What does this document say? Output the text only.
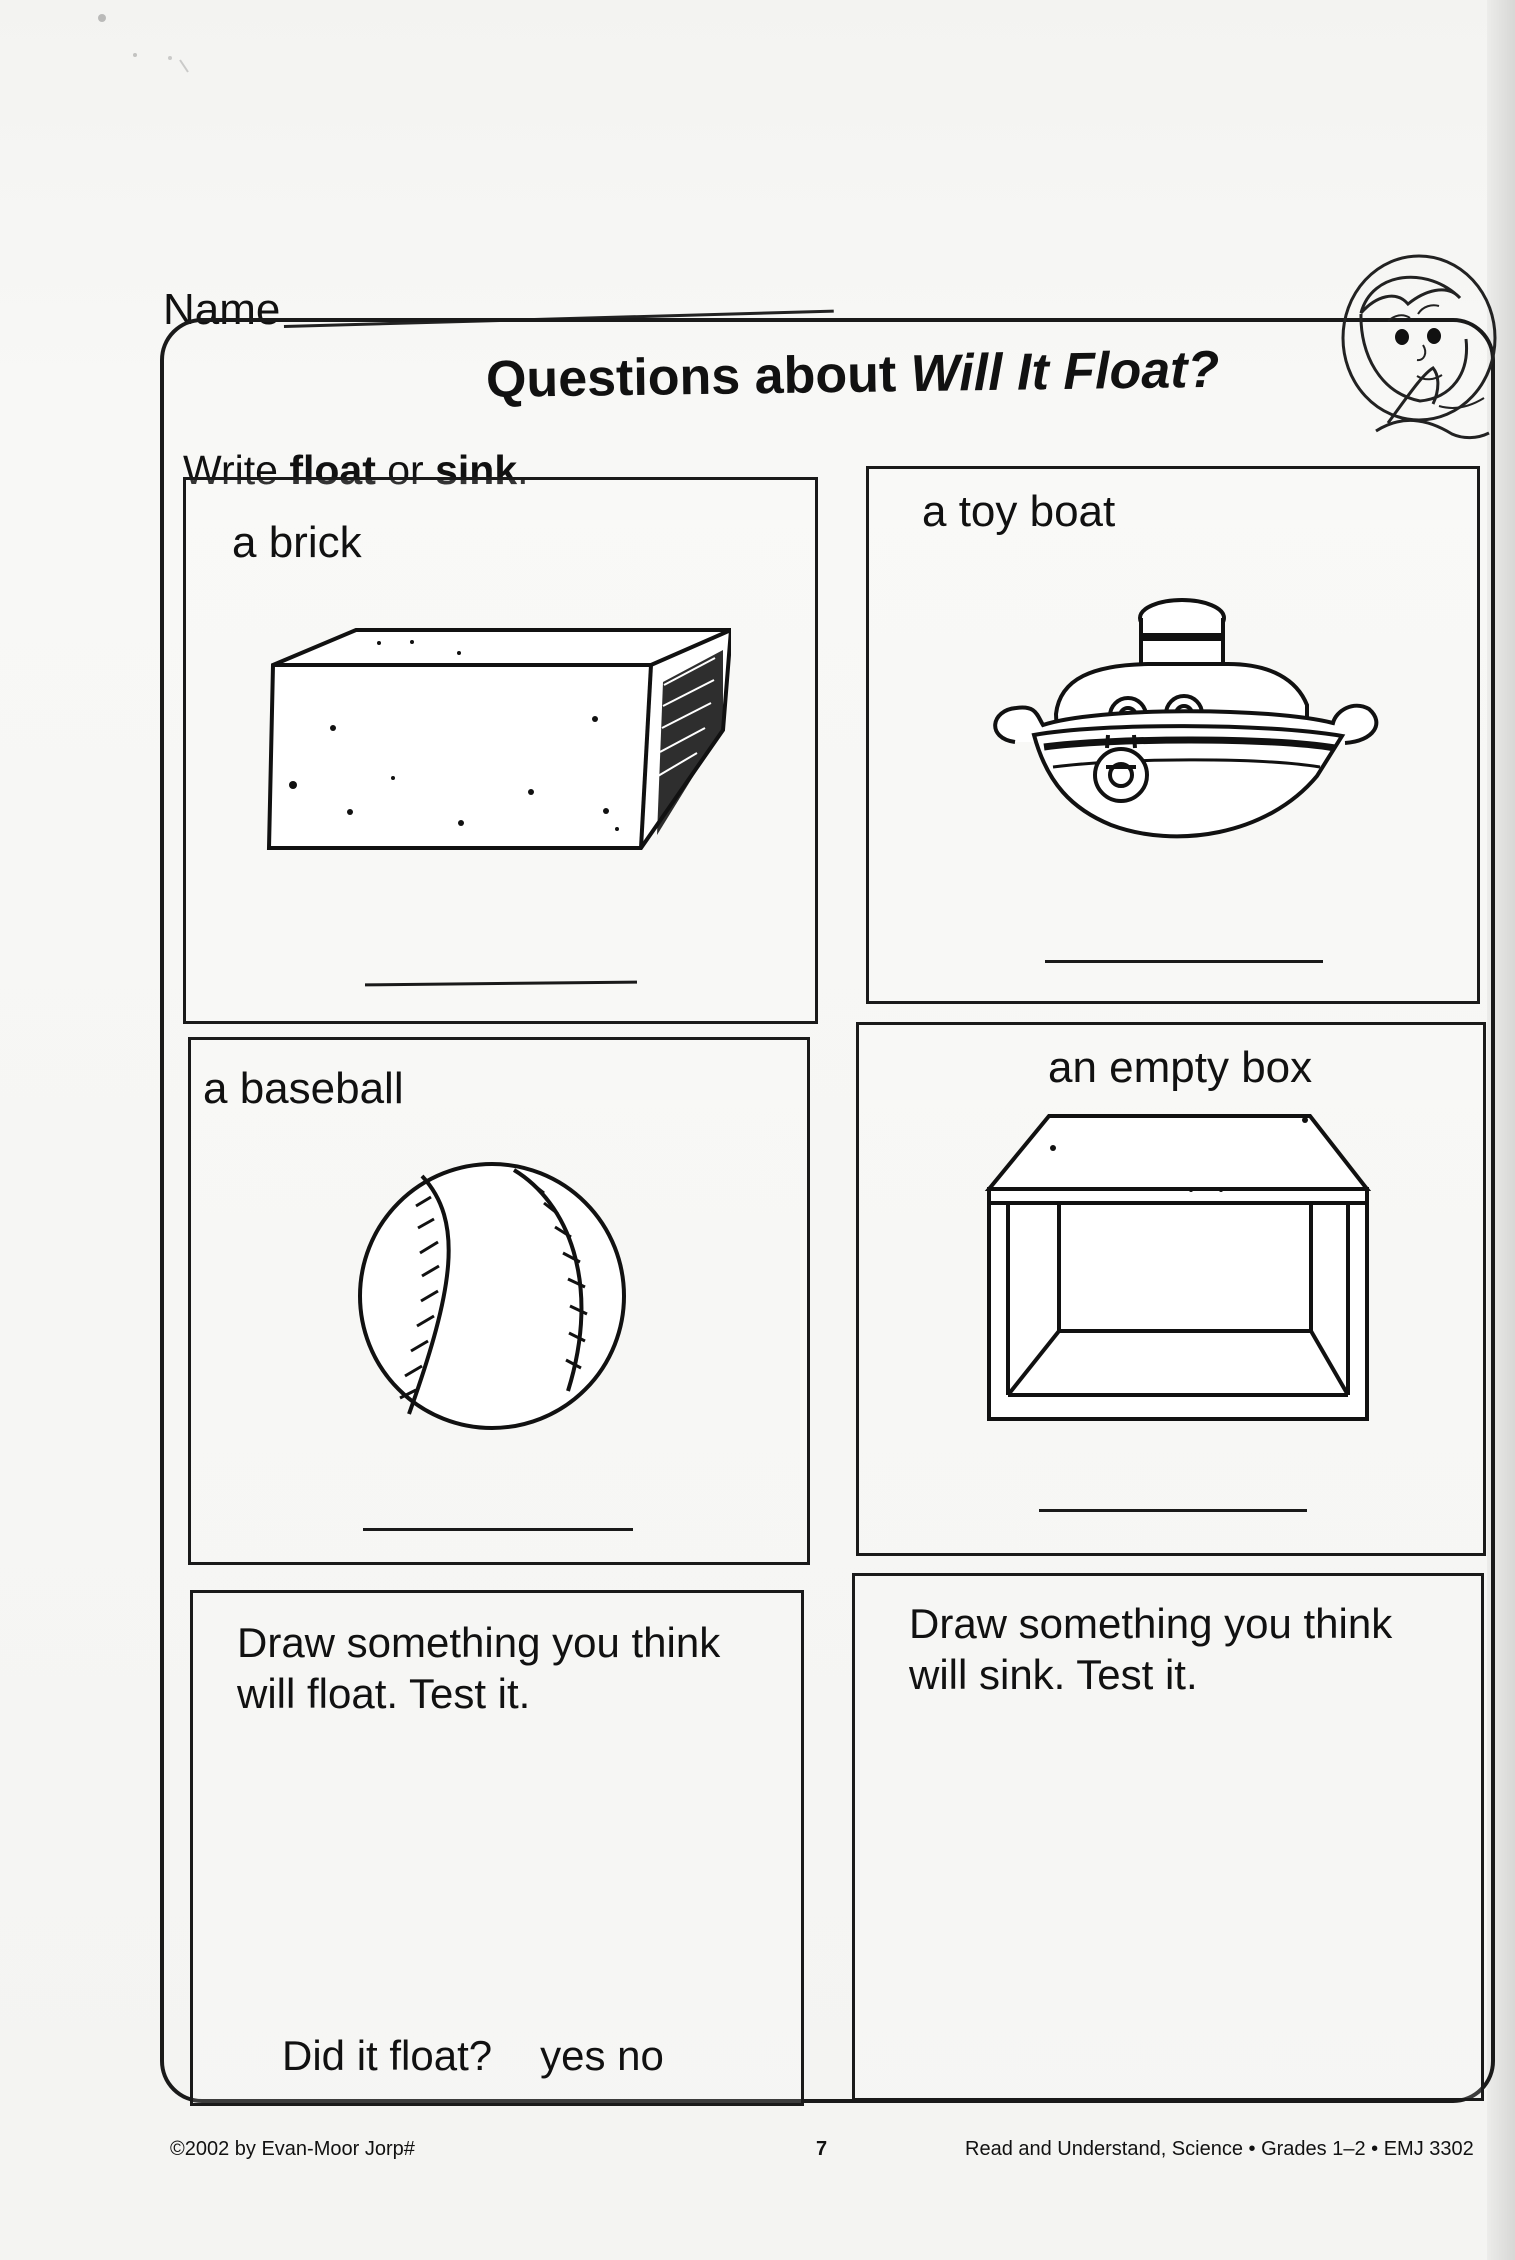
Name
Questions about Will It Float?
Write float or sink.
a brick
a toy boat
a baseball	an empty box
Draw something you think
will float. Test it.
Draw something you think
will sink. Test it.
Did it float? yes no
©2002 by Evan-Moor Jorp#	7	Read and Understand, Science • Grades 1–2 • EMJ 3302
